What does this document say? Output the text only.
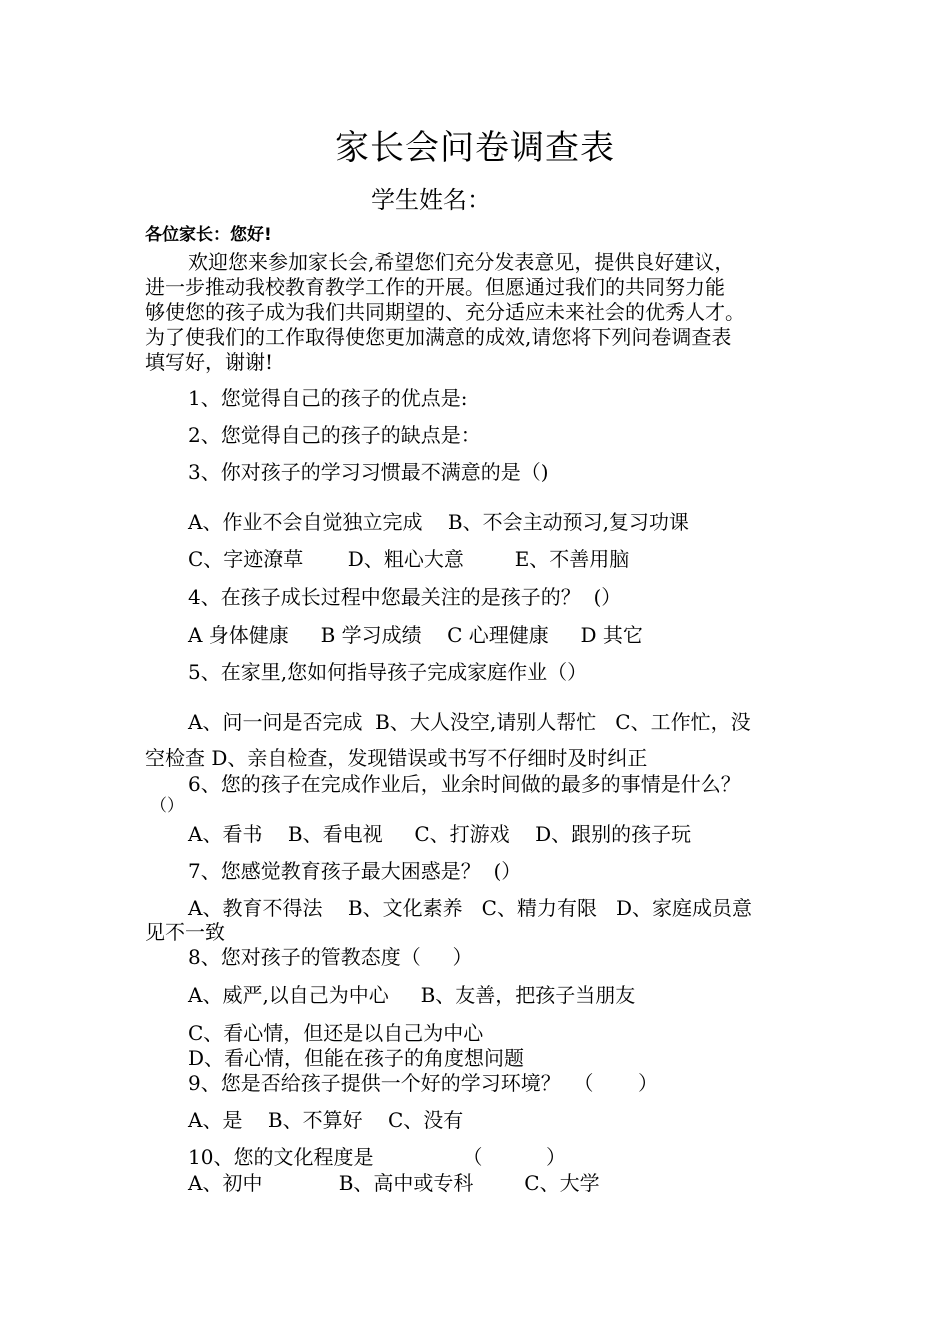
家长会问卷调查表
学生姓名：
各位家长：您好!
欢迎您来参加家长会,希望您们充分发表意见，提供良好建议，
进一步推动我校教育教学工作的开展。但愿通过我们的共同努力能
够使您的孩子成为我们共同期望的、充分适应未来社会的优秀人才。
为了使我们的工作取得使您更加满意的成效,请您将下列问卷调查表
填写好，谢谢!
1、您觉得自己的孩子的优点是:
2、您觉得自己的孩子的缺点是：
3、你对孩子的学习习惯最不满意的是（)
A、作业不会自觉独立完成    B、不会主动预习,复习功课
C、字迹潦草       D、粗心大意        E、不善用脑
4、在孩子成长过程中您最关注的是孩子的？  (）
A 身体健康     B 学习成绩    C 心理健康     D 其它
5、在家里,您如何指导孩子完成家庭作业（）
A、问一问是否完成  B、大人没空,请别人帮忙   C、工作忙，没
空检查 D、亲自检查，发现错误或书写不仔细时及时纠正
6、您的孩子在完成作业后，业余时间做的最多的事情是什么？
（）
A、看书    B、看电视     C、打游戏    D、跟别的孩子玩
7、您感觉教育孩子最大困惑是？  (）
A、教育不得法    B、文化素养   C、精力有限   D、家庭成员意
见不一致
8、您对孩子的管教态度（     ）
A、威严,以自己为中心     B、友善，把孩子当朋友
C、看心情，但还是以自己为中心
D、看心情，但能在孩子的角度想问题
9、您是否给孩子提供一个好的学习环境？  （       ）
A、是    B、不算好    C、没有
10、您的文化程度是              （          ）
A、初中            B、高中或专科        C、大学
